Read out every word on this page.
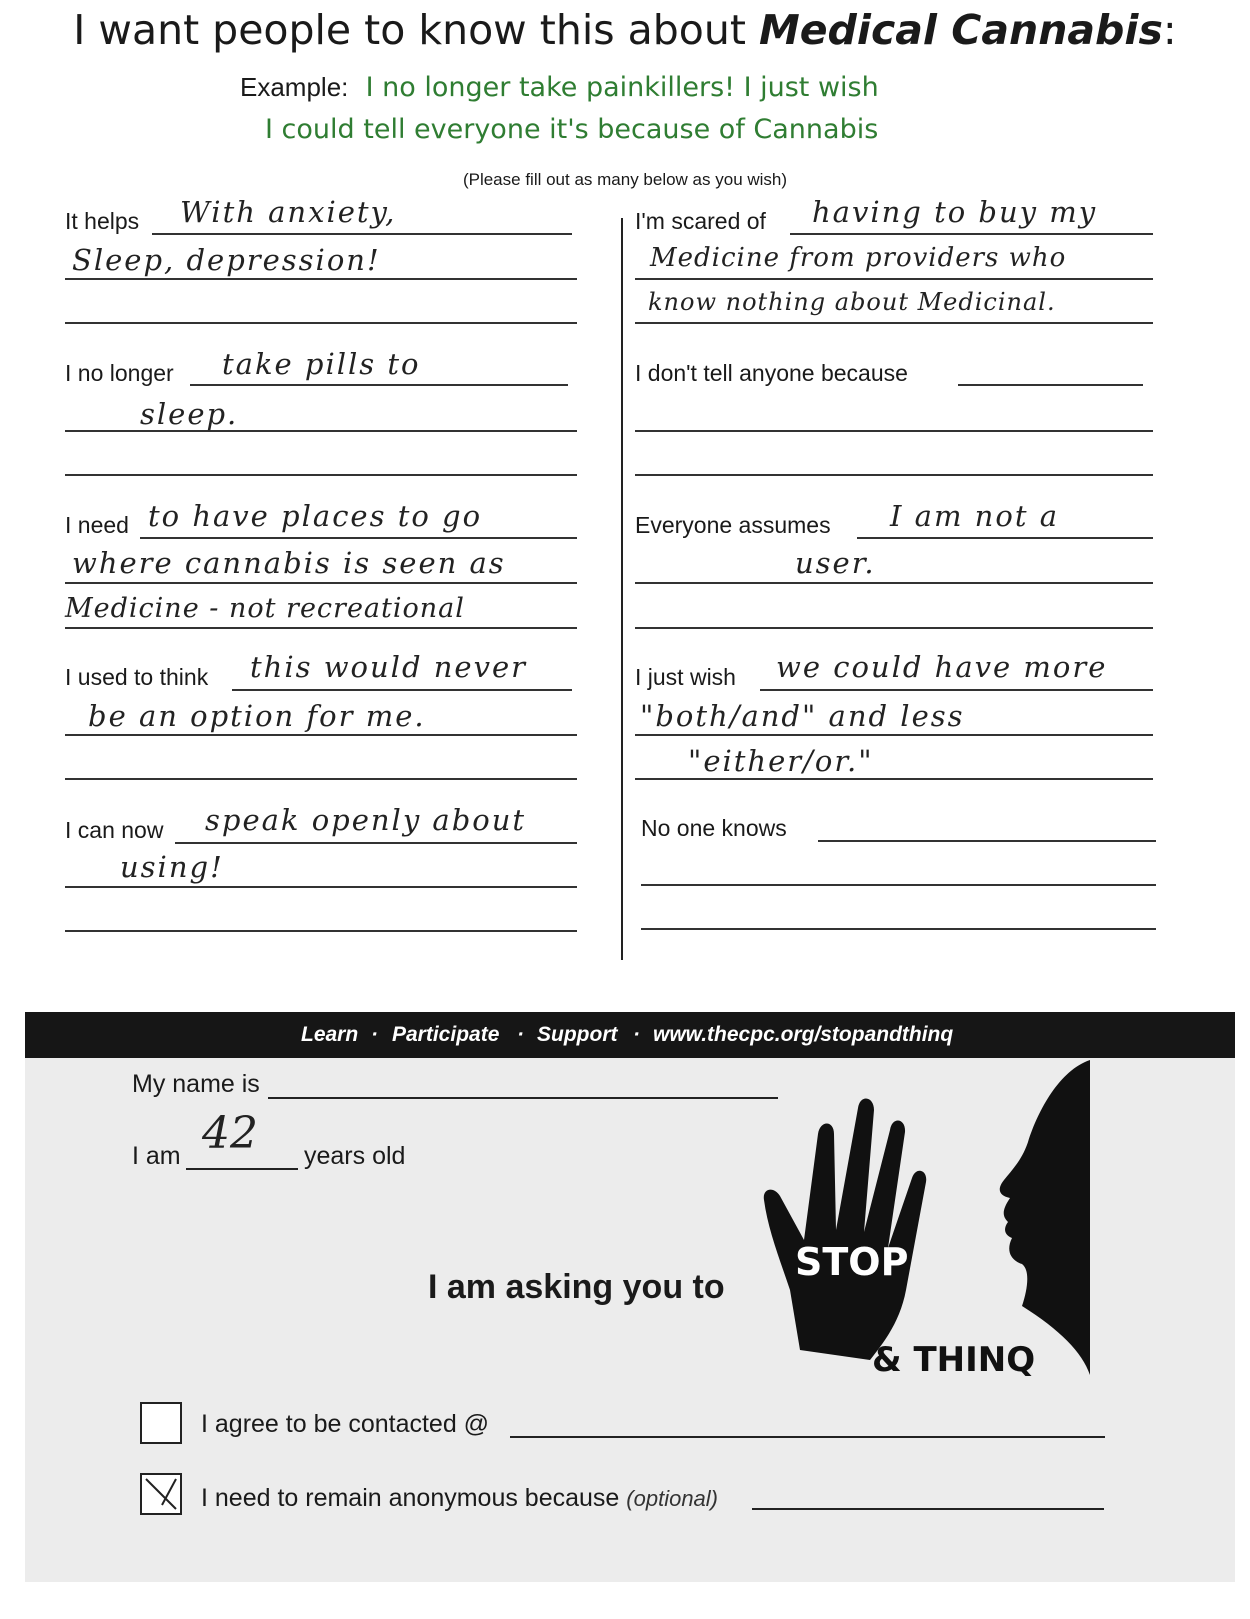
I want people to know this about Medical Cannabis:
Example: I no longer take painkillers! I just wish
I could tell everyone it's because of Cannabis
(Please fill out as many below as you wish)
It helps With anxiety,
Sleep, depression!
I no longer take pills to
sleep.
I need to have places to go
where cannabis is seen as
Medicine - not recreational
I used to think this would never
be an option for me.
I can now speak openly about
using!
I'm scared of having to buy my
Medicine from providers who
know nothing about Medicinal.
I don't tell anyone because
Everyone assumes I am not a
user.
I just wish we could have more
"both/and" and less
"either/or."
No one knows
Learn · Participate · Support · www.thecpc.org/stopandthinq
My name is
I am 42 years old
I am asking you to
STOP
& THINQ
I agree to be contacted @
I need to remain anonymous because (optional)
